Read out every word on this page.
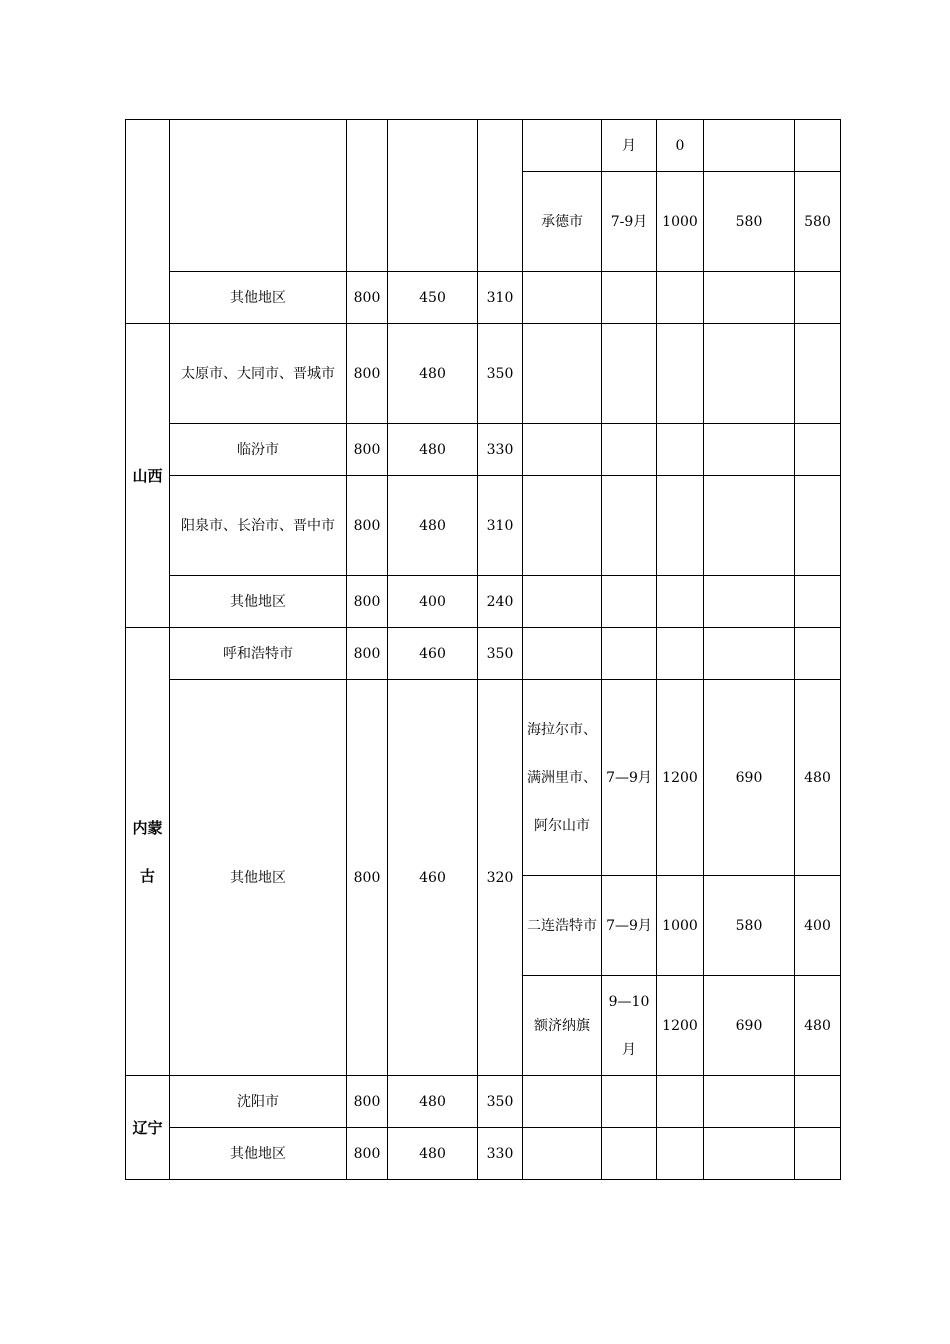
						月	0		
					承德市	7-9月	1000	580	580
	其他地区	800	450	310					
山西	太原市、大同市、晋城市	800	480	350					
	临汾市	800	480	330					
	阳泉市、长治市、晋中市	800	480	310					
	其他地区	800	400	240					
内蒙古	呼和浩特市	800	460	350					
	其他地区	800	460	320	海拉尔市、满洲里市、阿尔山市	7—9月	1200	690	480
					二连浩特市	7—9月	1000	580	400
					额济纳旗	9—10月	1200	690	480
辽宁	沈阳市	800	480	350					
	其他地区	800	480	330					
